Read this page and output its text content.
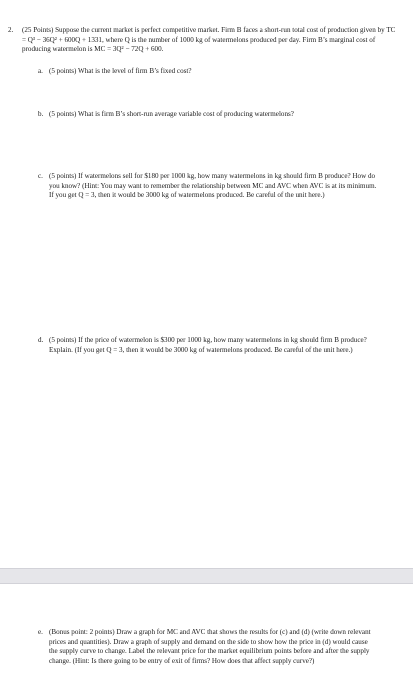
2. (25 Points) Suppose the current market is perfect competitive market. Firm B faces a short-run total cost of production given by TC = Q³ − 36Q² + 600Q + 1331, where Q is the number of 1000 kg of watermelons produced per day. Firm B’s marginal cost of producing watermelon is MC = 3Q² − 72Q + 600.
a. (5 points) What is the level of firm B’s fixed cost?
b. (5 points) What is firm B’s short-run average variable cost of producing watermelons?
c. (5 points) If watermelons sell for $180 per 1000 kg, how many watermelons in kg should firm B produce? How do you know? (Hint: You may want to remember the relationship between MC and AVC when AVC is at its minimum. If you get Q = 3, then it would be 3000 kg of watermelons produced. Be careful of the unit here.)
d. (5 points) If the price of watermelon is $300 per 1000 kg, how many watermelons in kg should firm B produce? Explain. (If you get Q = 3, then it would be 3000 kg of watermelons produced. Be careful of the unit here.)
e. (Bonus point: 2 points) Draw a graph for MC and AVC that shows the results for (c) and (d) (write down relevant prices and quantities). Draw a graph of supply and demand on the side to show how the price in (d) would cause the supply curve to change. Label the relevant price for the market equilibrium points before and after the supply change. (Hint: Is there going to be entry of exit of firms? How does that affect supply curve?)
